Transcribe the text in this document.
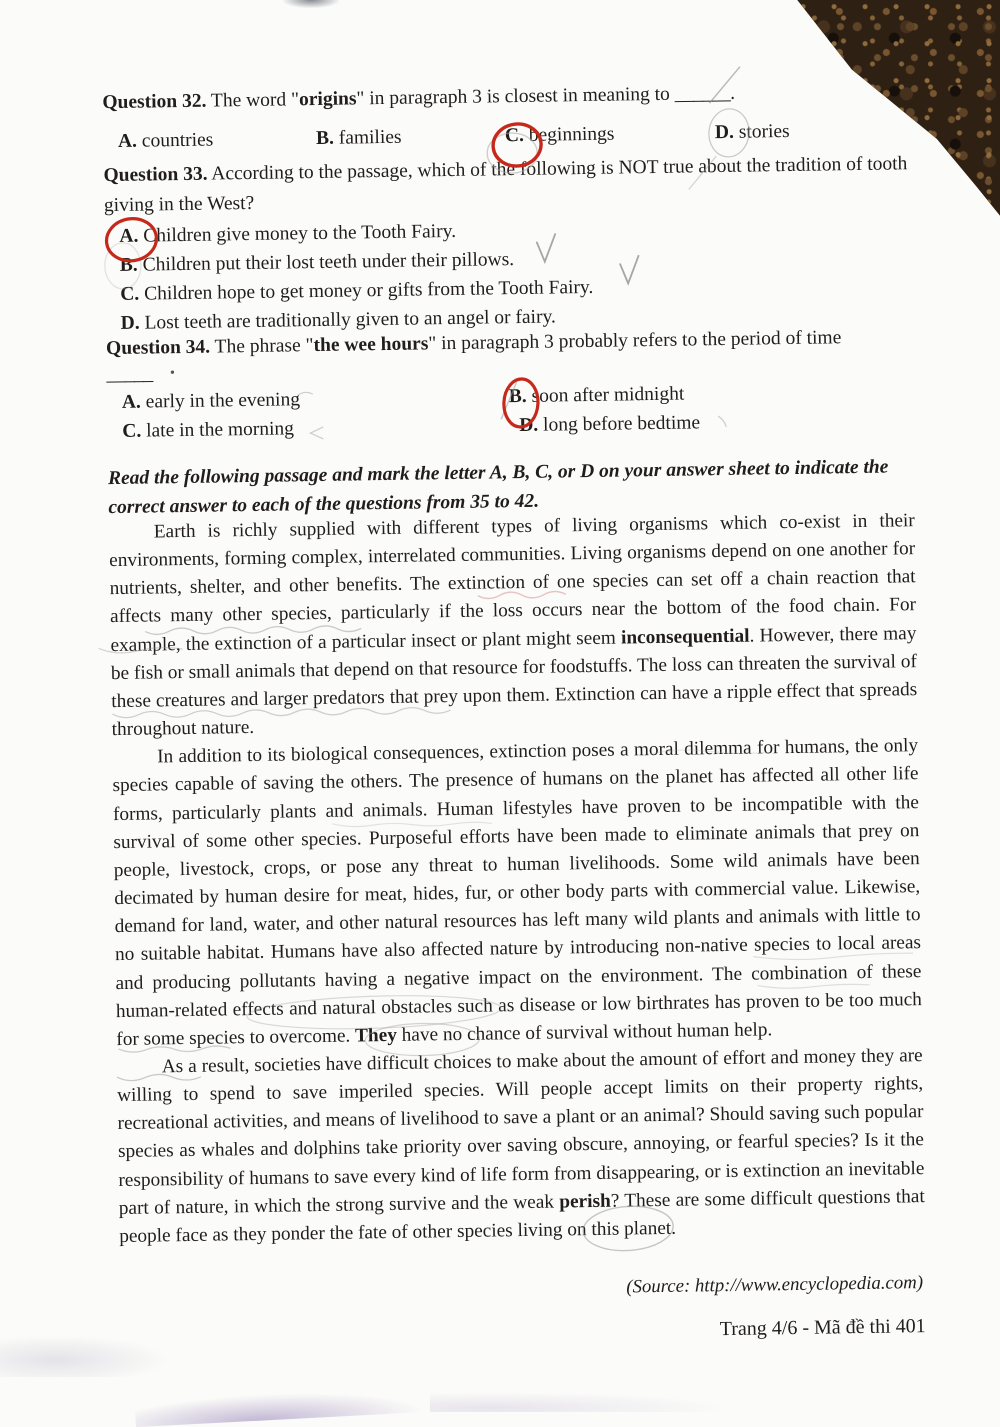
Question 32. The word "origins" in paragraph 3 is closest in meaning to ______.
A. countries	B. families	C. beginnings	D. stories
Question 33. According to the passage, which of the following is NOT true about the tradition of tooth giving in the West?
A. Children give money to the Tooth Fairy.
B. Children put their lost teeth under their pillows.
C. Children hope to get money or gifts from the Tooth Fairy.
D. Lost teeth are traditionally given to an angel or fairy.
Question 34. The phrase "the wee hours" in paragraph 3 probably refers to the period of time
_____
A. early in the evening	B. soon after midnight
C. late in the morning	D. long before bedtime
Read the following passage and mark the letter A, B, C, or D on your answer sheet to indicate the correct answer to each of the questions from 35 to 42.

Earth is richly supplied with different types of living organisms which co-exist in their environments, forming complex, interrelated communities. Living organisms depend on one another for nutrients, shelter, and other benefits. The extinction of one species can set off a chain reaction that affects many other species, particularly if the loss occurs near the bottom of the food chain. For example, the extinction of a particular insect or plant might seem inconsequential. However, there may be fish or small animals that depend on that resource for foodstuffs. The loss can threaten the survival of these creatures and larger predators that prey upon them. Extinction can have a ripple effect that spreads throughout nature.

In addition to its biological consequences, extinction poses a moral dilemma for humans, the only species capable of saving the others. The presence of humans on the planet has affected all other life forms, particularly plants and animals. Human lifestyles have proven to be incompatible with the survival of some other species. Purposeful efforts have been made to eliminate animals that prey on people, livestock, crops, or pose any threat to human livelihoods. Some wild animals have been decimated by human desire for meat, hides, fur, or other body parts with commercial value. Likewise, demand for land, water, and other natural resources has left many wild plants and animals with little to no suitable habitat. Humans have also affected nature by introducing non-native species to local areas and producing pollutants having a negative impact on the environment. The combination of these human-related effects and natural obstacles such as disease or low birthrates has proven to be too much for some species to overcome. They have no chance of survival without human help.

As a result, societies have difficult choices to make about the amount of effort and money they are willing to spend to save imperiled species. Will people accept limits on their property rights, recreational activities, and means of livelihood to save a plant or an animal? Should saving such popular species as whales and dolphins take priority over saving obscure, annoying, or fearful species? Is it the responsibility of humans to save every kind of life form from disappearing, or is extinction an inevitable part of nature, in which the strong survive and the weak perish? These are some difficult questions that people face as they ponder the fate of other species living on this planet.

(Source: http://www.encyclopedia.com)
Trang 4/6 - Mã đề thi 401
